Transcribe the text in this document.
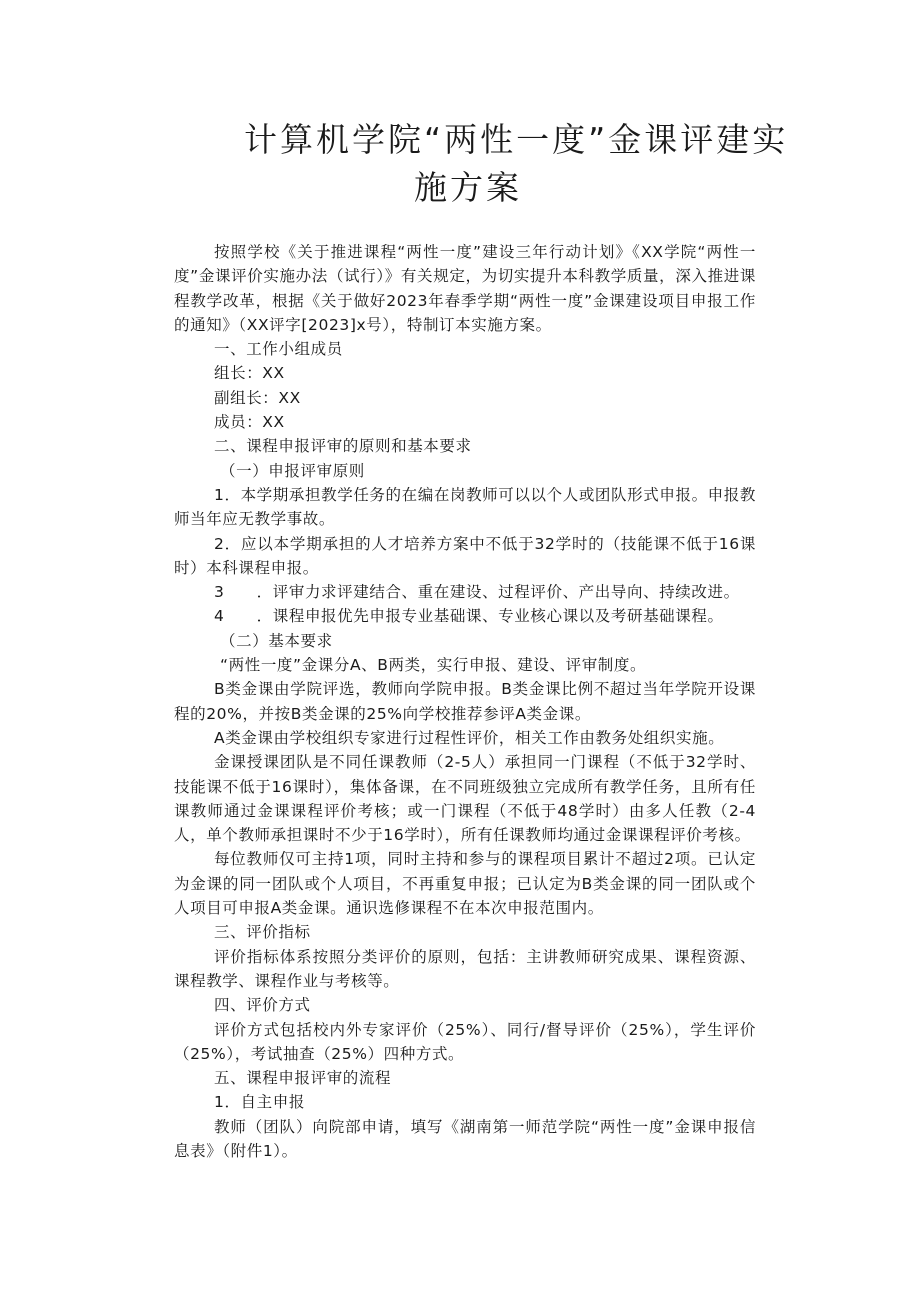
计算机学院“两性一度”金课评建实
施方案

按照学校《关于推进课程“两性一度”建设三年行动计划》《XX学院“两性一度”金课评价实施办法（试行）》有关规定，为切实提升本科教学质量，深入推进课程教学改革，根据《关于做好2023年春季学期“两性一度”金课建设项目申报工作的通知》（XX评字[2023]x号），特制订本实施方案。

一、工作小组成员

组长：XX

副组长：XX

成员：XX

二、课程申报评审的原则和基本要求

（一）申报评审原则

1．本学期承担教学任务的在编在岗教师可以以个人或团队形式申报。申报教师当年应无教学事故。

2．应以本学期承担的人才培养方案中不低于32学时的（技能课不低于16课时）本科课程申报。

3　　．评审力求评建结合、重在建设、过程评价、产出导向、持续改进。

4　　．课程申报优先申报专业基础课、专业核心课以及考研基础课程。

（二）基本要求

“两性一度”金课分A、B两类，实行申报、建设、评审制度。

B类金课由学院评选，教师向学院申报。B类金课比例不超过当年学院开设课程的20%，并按B类金课的25%向学校推荐参评A类金课。

A类金课由学校组织专家进行过程性评价，相关工作由教务处组织实施。

金课授课团队是不同任课教师（2-5人）承担同一门课程（不低于32学时、技能课不低于16课时），集体备课，在不同班级独立完成所有教学任务，且所有任课教师通过金课课程评价考核；或一门课程（不低于48学时）由多人任教（2-4人，单个教师承担课时不少于16学时），所有任课教师均通过金课课程评价考核。

每位教师仅可主持1项，同时主持和参与的课程项目累计不超过2项。已认定为金课的同一团队或个人项目，不再重复申报；已认定为B类金课的同一团队或个人项目可申报A类金课。通识选修课程不在本次申报范围内。

三、评价指标

评价指标体系按照分类评价的原则，包括：主讲教师研究成果、课程资源、课程教学、课程作业与考核等。

四、评价方式

评价方式包括校内外专家评价（25%）、同行/督导评价（25%），学生评价（25%），考试抽查（25%）四种方式。

五、课程申报评审的流程

1．自主申报

教师（团队）向院部申请，填写《湖南第一师范学院“两性一度”金课申报信息表》（附件1）。
